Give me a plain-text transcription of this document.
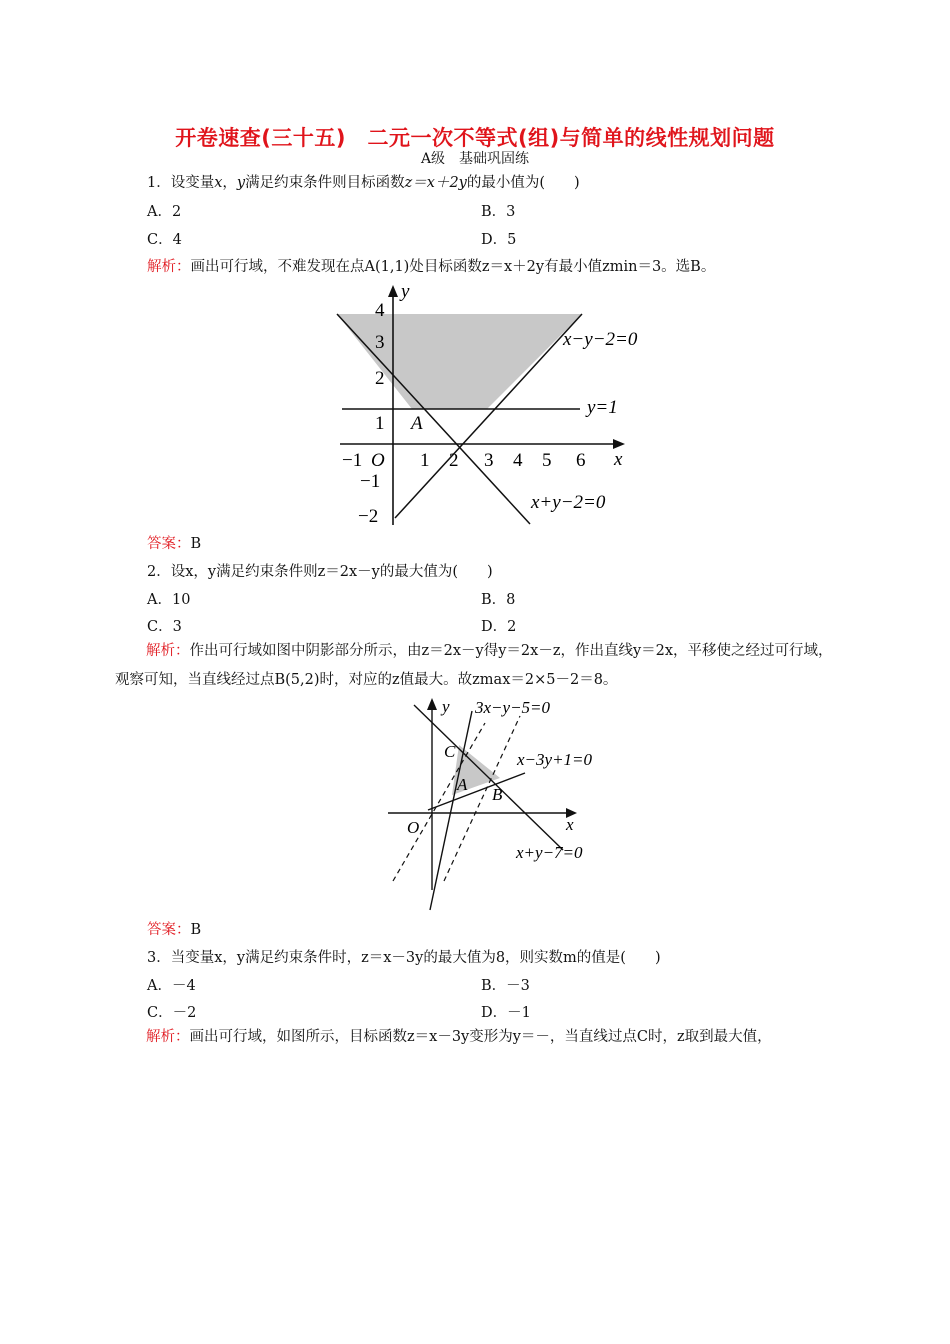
开卷速查(三十五)　二元一次不等式(组)与简单的线性规划问题
A级　基础巩固练
1．设变量x，y满足约束条件则目标函数z＝x＋2y的最小值为(　　)
A．2	B．3
C．4	D．5
解析：画出可行域，不难发现在点A(1,1)处目标函数z＝x＋2y有最小值zmin＝3。选B。
y
x
O
−1	1 2 3 4 5 6
4
3
2
1
−1
−2
x−y−2=0
y=1
x+y−2=0
A
答案：B
2．设x，y满足约束条件则z＝2x－y的最大值为(　　)
A．10	B．8
C．3	D．2
解析：作出可行域如图中阴影部分所示，由z＝2x－y得y＝2x－z，作出直线y＝2x，平移使之经过可行域，观察可知，当直线经过点B(5,2)时，对应的z值最大。故zmax＝2×5－2＝8。
y
x
O
3x−y−5=0
x−3y+1=0
x+y−7=0
C
A
B
答案：B
3．当变量x，y满足约束条件时，z＝x－3y的最大值为8，则实数m的值是(　　)
A．－4	B．－3
C．－2	D．－1
解析：画出可行域，如图所示，目标函数z＝x－3y变形为y＝－，当直线过点C时，z取到最大值，
